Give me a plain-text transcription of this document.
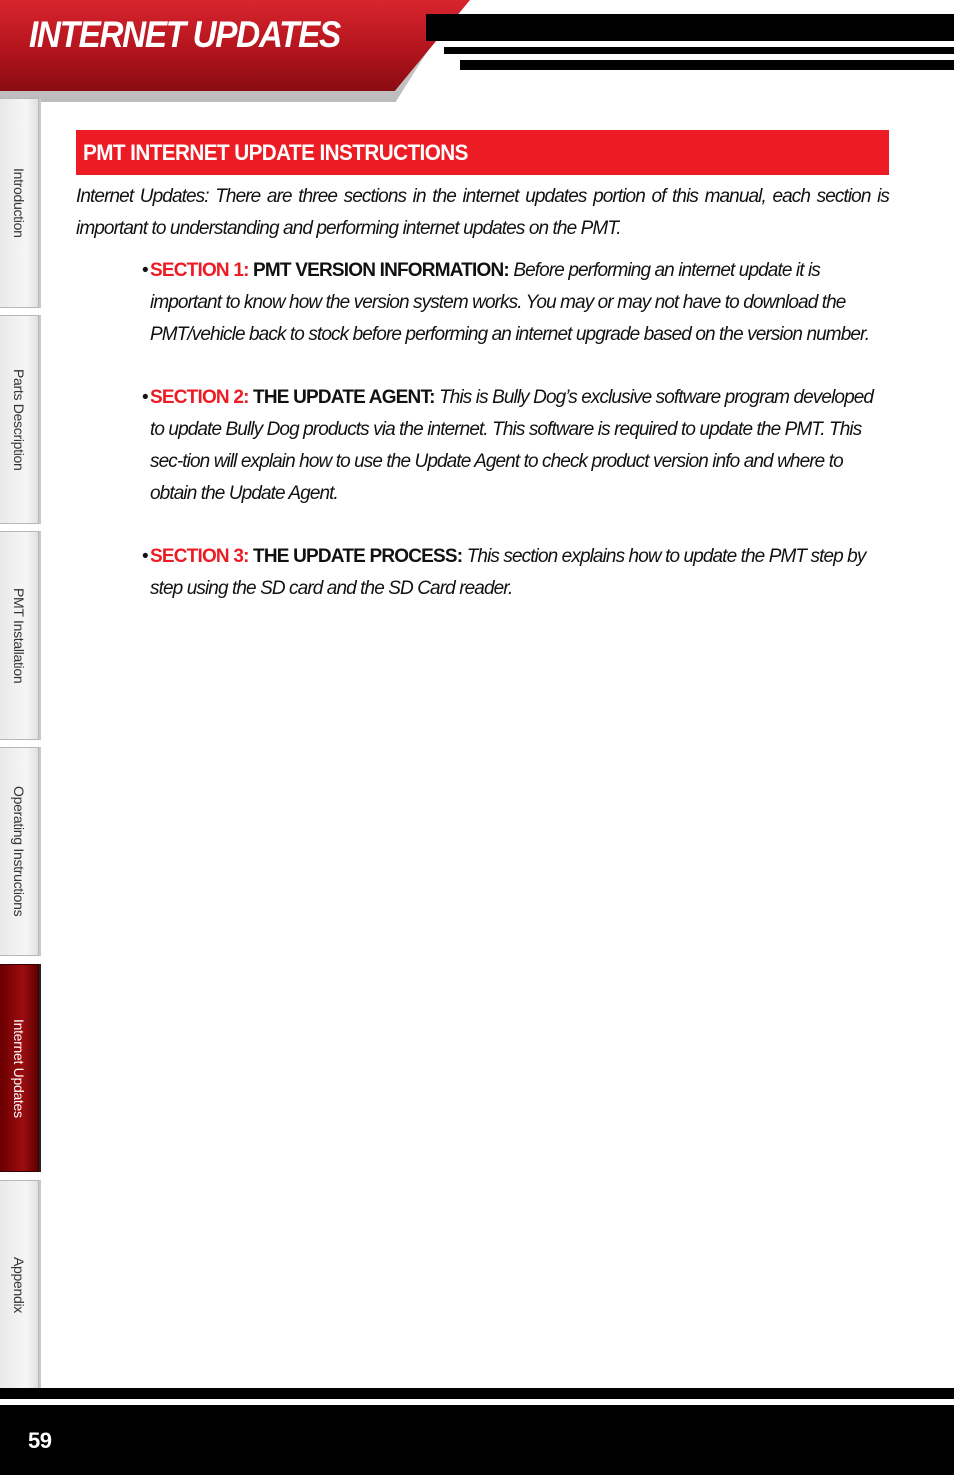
INTERNET UPDATES
Introduction
Parts Description
PMT Installation
Operating Instructions
Internet Updates
Appendix
PMT INTERNET UPDATE INSTRUCTIONS

Internet Updates: There are three sections in the internet updates portion of this manual, each section is important to understanding and performing internet updates on the PMT.

• SECTION 1: PMT VERSION INFORMATION: Before performing an internet update it is important to know how the version system works. You may or may not have to download the PMT/vehicle back to stock before performing an internet upgrade based on the version number.
• SECTION 2: THE UPDATE AGENT: This is Bully Dog’s exclusive software program developed to update Bully Dog products via the internet. This software is required to update the PMT. This sec-tion will explain how to use the Update Agent to check product version info and where to obtain the Update Agent.
• SECTION 3: THE UPDATE PROCESS: This section explains how to update the PMT step by step using the SD card and the SD Card reader.
59
